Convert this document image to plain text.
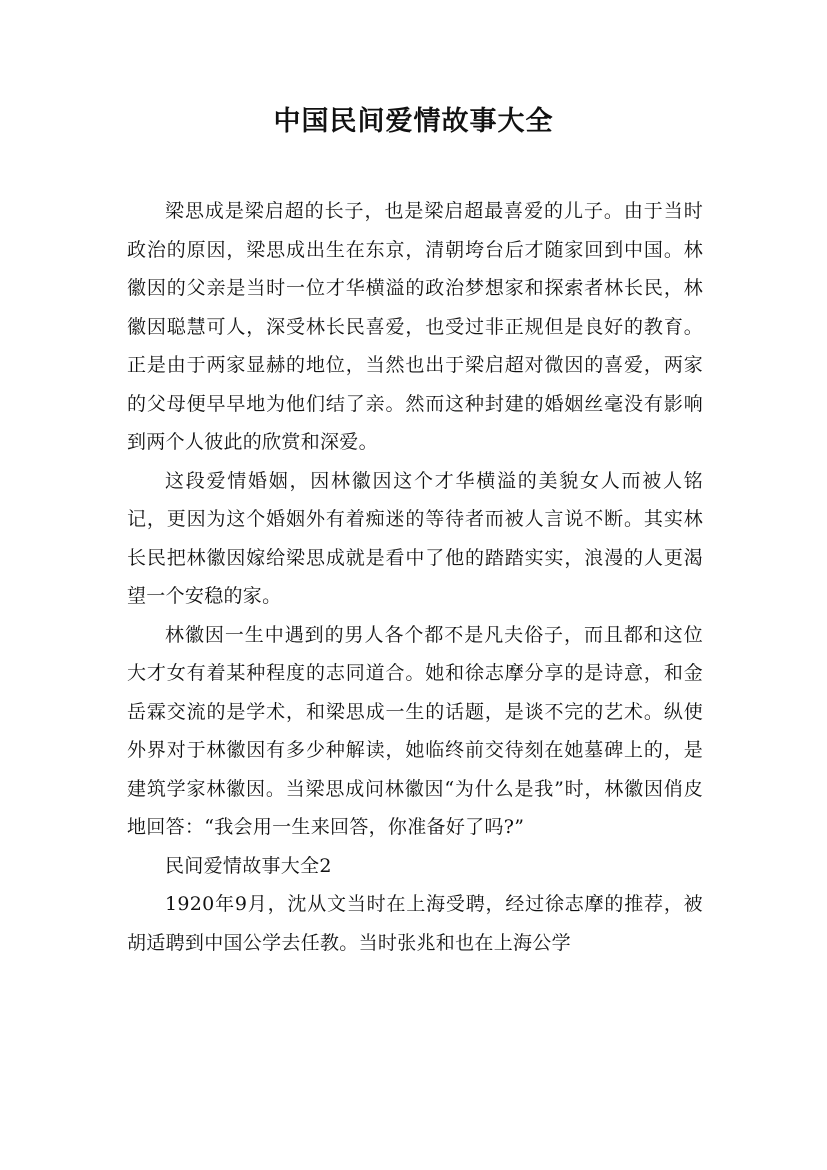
中国民间爱情故事大全

梁思成是梁启超的长子，也是梁启超最喜爱的儿子。由于当时政治的原因，梁思成出生在东京，清朝垮台后才随家回到中国。林徽因的父亲是当时一位才华横溢的政治梦想家和探索者林长民，林徽因聪慧可人，深受林长民喜爱，也受过非正规但是良好的教育。正是由于两家显赫的地位，当然也出于梁启超对微因的喜爱，两家的父母便早早地为他们结了亲。然而这种封建的婚姻丝毫没有影响到两个人彼此的欣赏和深爱。

这段爱情婚姻，因林徽因这个才华横溢的美貌女人而被人铭记，更因为这个婚姻外有着痴迷的等待者而被人言说不断。其实林长民把林徽因嫁给梁思成就是看中了他的踏踏实实，浪漫的人更渴望一个安稳的家。

林徽因一生中遇到的男人各个都不是凡夫俗子，而且都和这位大才女有着某种程度的志同道合。她和徐志摩分享的是诗意，和金岳霖交流的是学术，和梁思成一生的话题，是谈不完的艺术。纵使外界对于林徽因有多少种解读，她临终前交待刻在她墓碑上的，是建筑学家林徽因。当梁思成问林徽因“为什么是我”时，林徽因俏皮地回答：“我会用一生来回答，你准备好了吗?”

民间爱情故事大全2

1920年9月，沈从文当时在上海受聘，经过徐志摩的推荐，被胡适聘到中国公学去任教。当时张兆和也在上海公学
